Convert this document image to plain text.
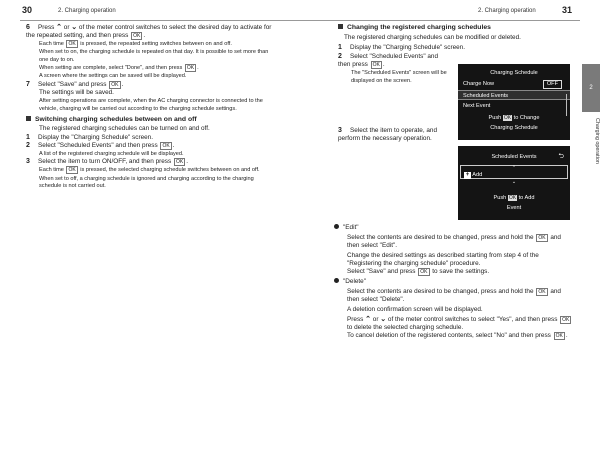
30	2. Charging operation	2. Charging operation	31

6 Press ⌃ or ⌄ of the meter control switches to select the desired day to activate for the repeated setting, and then press OK .

Each time OK is pressed, the repeated setting switches between on and off.

When set to on, the charging schedule is repeated on that day. It is possible to set more than one day to on.

When setting are complete, select "Done", and then press OK .

A screen where the settings can be saved will be displayed.

7 Select "Save" and press OK .

The settings will be saved.

After setting operations are complete, when the AC charging connector is connected to the vehicle, charging will be carried out according to the charging schedule settings.

Switching charging schedules between on and off

The registered charging schedules can be turned on and off.

1 Display the "Charging Schedule" screen.

2 Select "Scheduled Events" and then press OK .

A list of the registered charging schedule will be displayed.

3 Select the item to turn ON/OFF, and then press OK .

Each time OK is pressed, the selected charging schedule switches between on and off.

When set to off, a charging schedule is ignored and charging according to the charging schedule is not carried out.

Changing the registered charging schedules

The registered charging schedules can be modified or deleted.

1 Display the "Charging Schedule" screen.

2 Select "Scheduled Events" and then press OK .

The "Scheduled Events" screen will be displayed on the screen.

3 Select the item to operate, and perform the necessary operation.

"Edit"

Select the contents are desired to be changed, press and hold the OK and then select "Edit".

Change the desired settings as described starting from step 4 of the "Registering the charging schedule" procedure.

Select "Save" and press OK to save the settings.

"Delete"

Select the contents are desired to be changed, press and hold the OK and then select "Delete".

A deletion confirmation screen will be displayed.

Press ⌃ or ⌄ of the meter control switches to select "Yes", and then press OK to delete the selected charging schedule.

To cancel deletion of the registered contents, select "No" and then press OK .

Charging Schedule
Charge Now	OFF
Scheduled Events
Next Event
Push OK to Change
Charging Schedule
Scheduled Events	⮌
⌃
+ Add
⌄
Push OK to Add
Event
2
Charging operation
